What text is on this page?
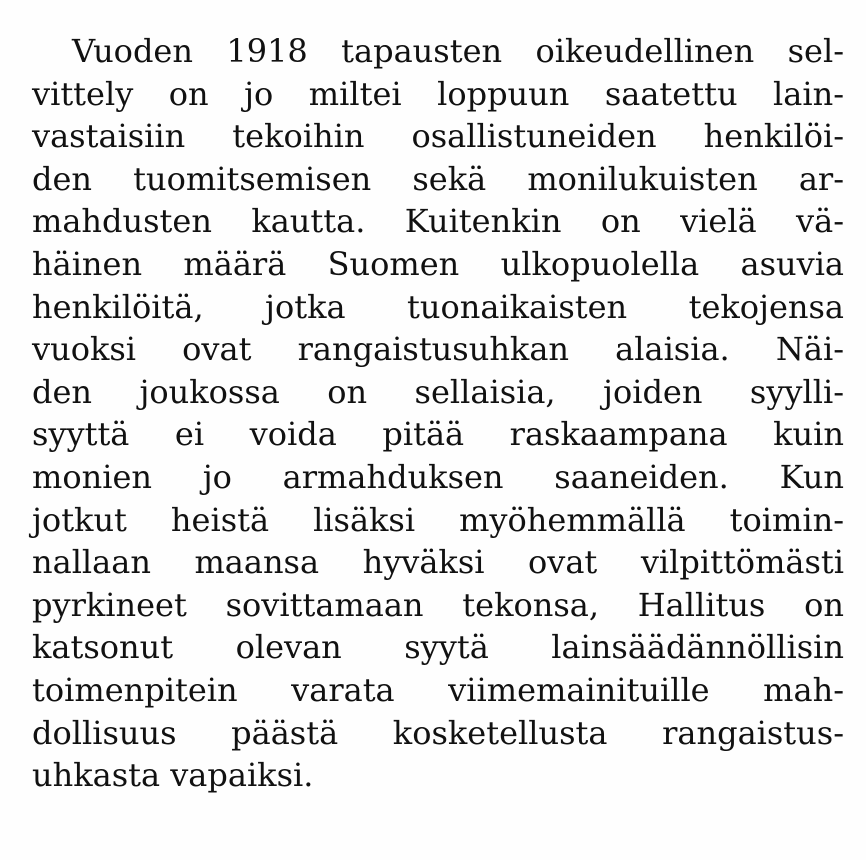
Vuoden 1918 tapausten oikeudellinen sel-
vittely on jo miltei loppuun saatettu lain-
vastaisiin tekoihin osallistuneiden henkilöi-
den tuomitsemisen sekä monilukuisten ar-
mahdusten kautta. Kuitenkin on vielä vä-
häinen määrä Suomen ulkopuolella asuvia
henkilöitä, jotka tuonaikaisten tekojensa
vuoksi ovat rangaistusuhkan alaisia. Näi-
den joukossa on sellaisia, joiden syylli-
syyttä ei voida pitää raskaampana kuin
monien jo armahduksen saaneiden. Kun
jotkut heistä lisäksi myöhemmällä toimin-
nallaan maansa hyväksi ovat vilpittömästi
pyrkineet sovittamaan tekonsa, Hallitus on
katsonut olevan syytä lainsäädännöllisin
toimenpitein varata viimemainituille mah-
dollisuus päästä kosketellusta rangaistus-
uhkasta vapaiksi.
